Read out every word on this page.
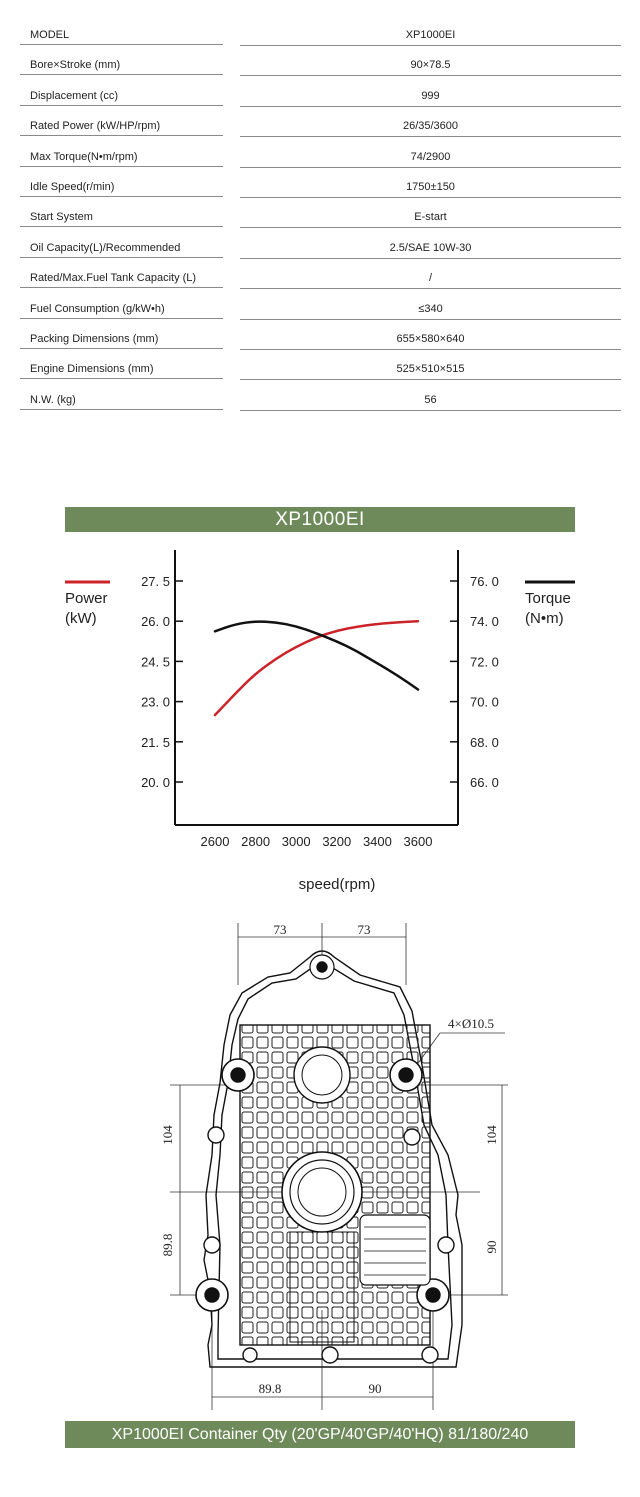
MODEL	XP1000EI
Bore×Stroke (mm)	90×78.5
Displacement (cc)	999
Rated Power (kW/HP/rpm)	26/35/3600
Max Torque(N•m/rpm)	74/2900
Idle Speed(r/min)	1750±150
Start System	E-start
Oil Capacity(L)/Recommended	2.5/SAE 10W-30
Rated/Max.Fuel Tank Capacity (L)	/
Fuel Consumption (g/kW•h)	≤340
Packing Dimensions (mm)	655×580×640
Engine Dimensions (mm)	525×510×515
N.W. (kg)	56
XP1000EI
27. 5
26. 0
24. 5
23. 0
21. 5
20. 0
76. 0
74. 0
72. 0
70. 0
68. 0
66. 0
2600 2800 3000 3200 3400 3600
Power
(kW)
Torque
(N•m)
speed(rpm)
73	73
4×Ø10.5
104
89.8
104
90
89.8	90
XP1000EI Container Qty (20'GP/40'GP/40'HQ) 81/180/240
